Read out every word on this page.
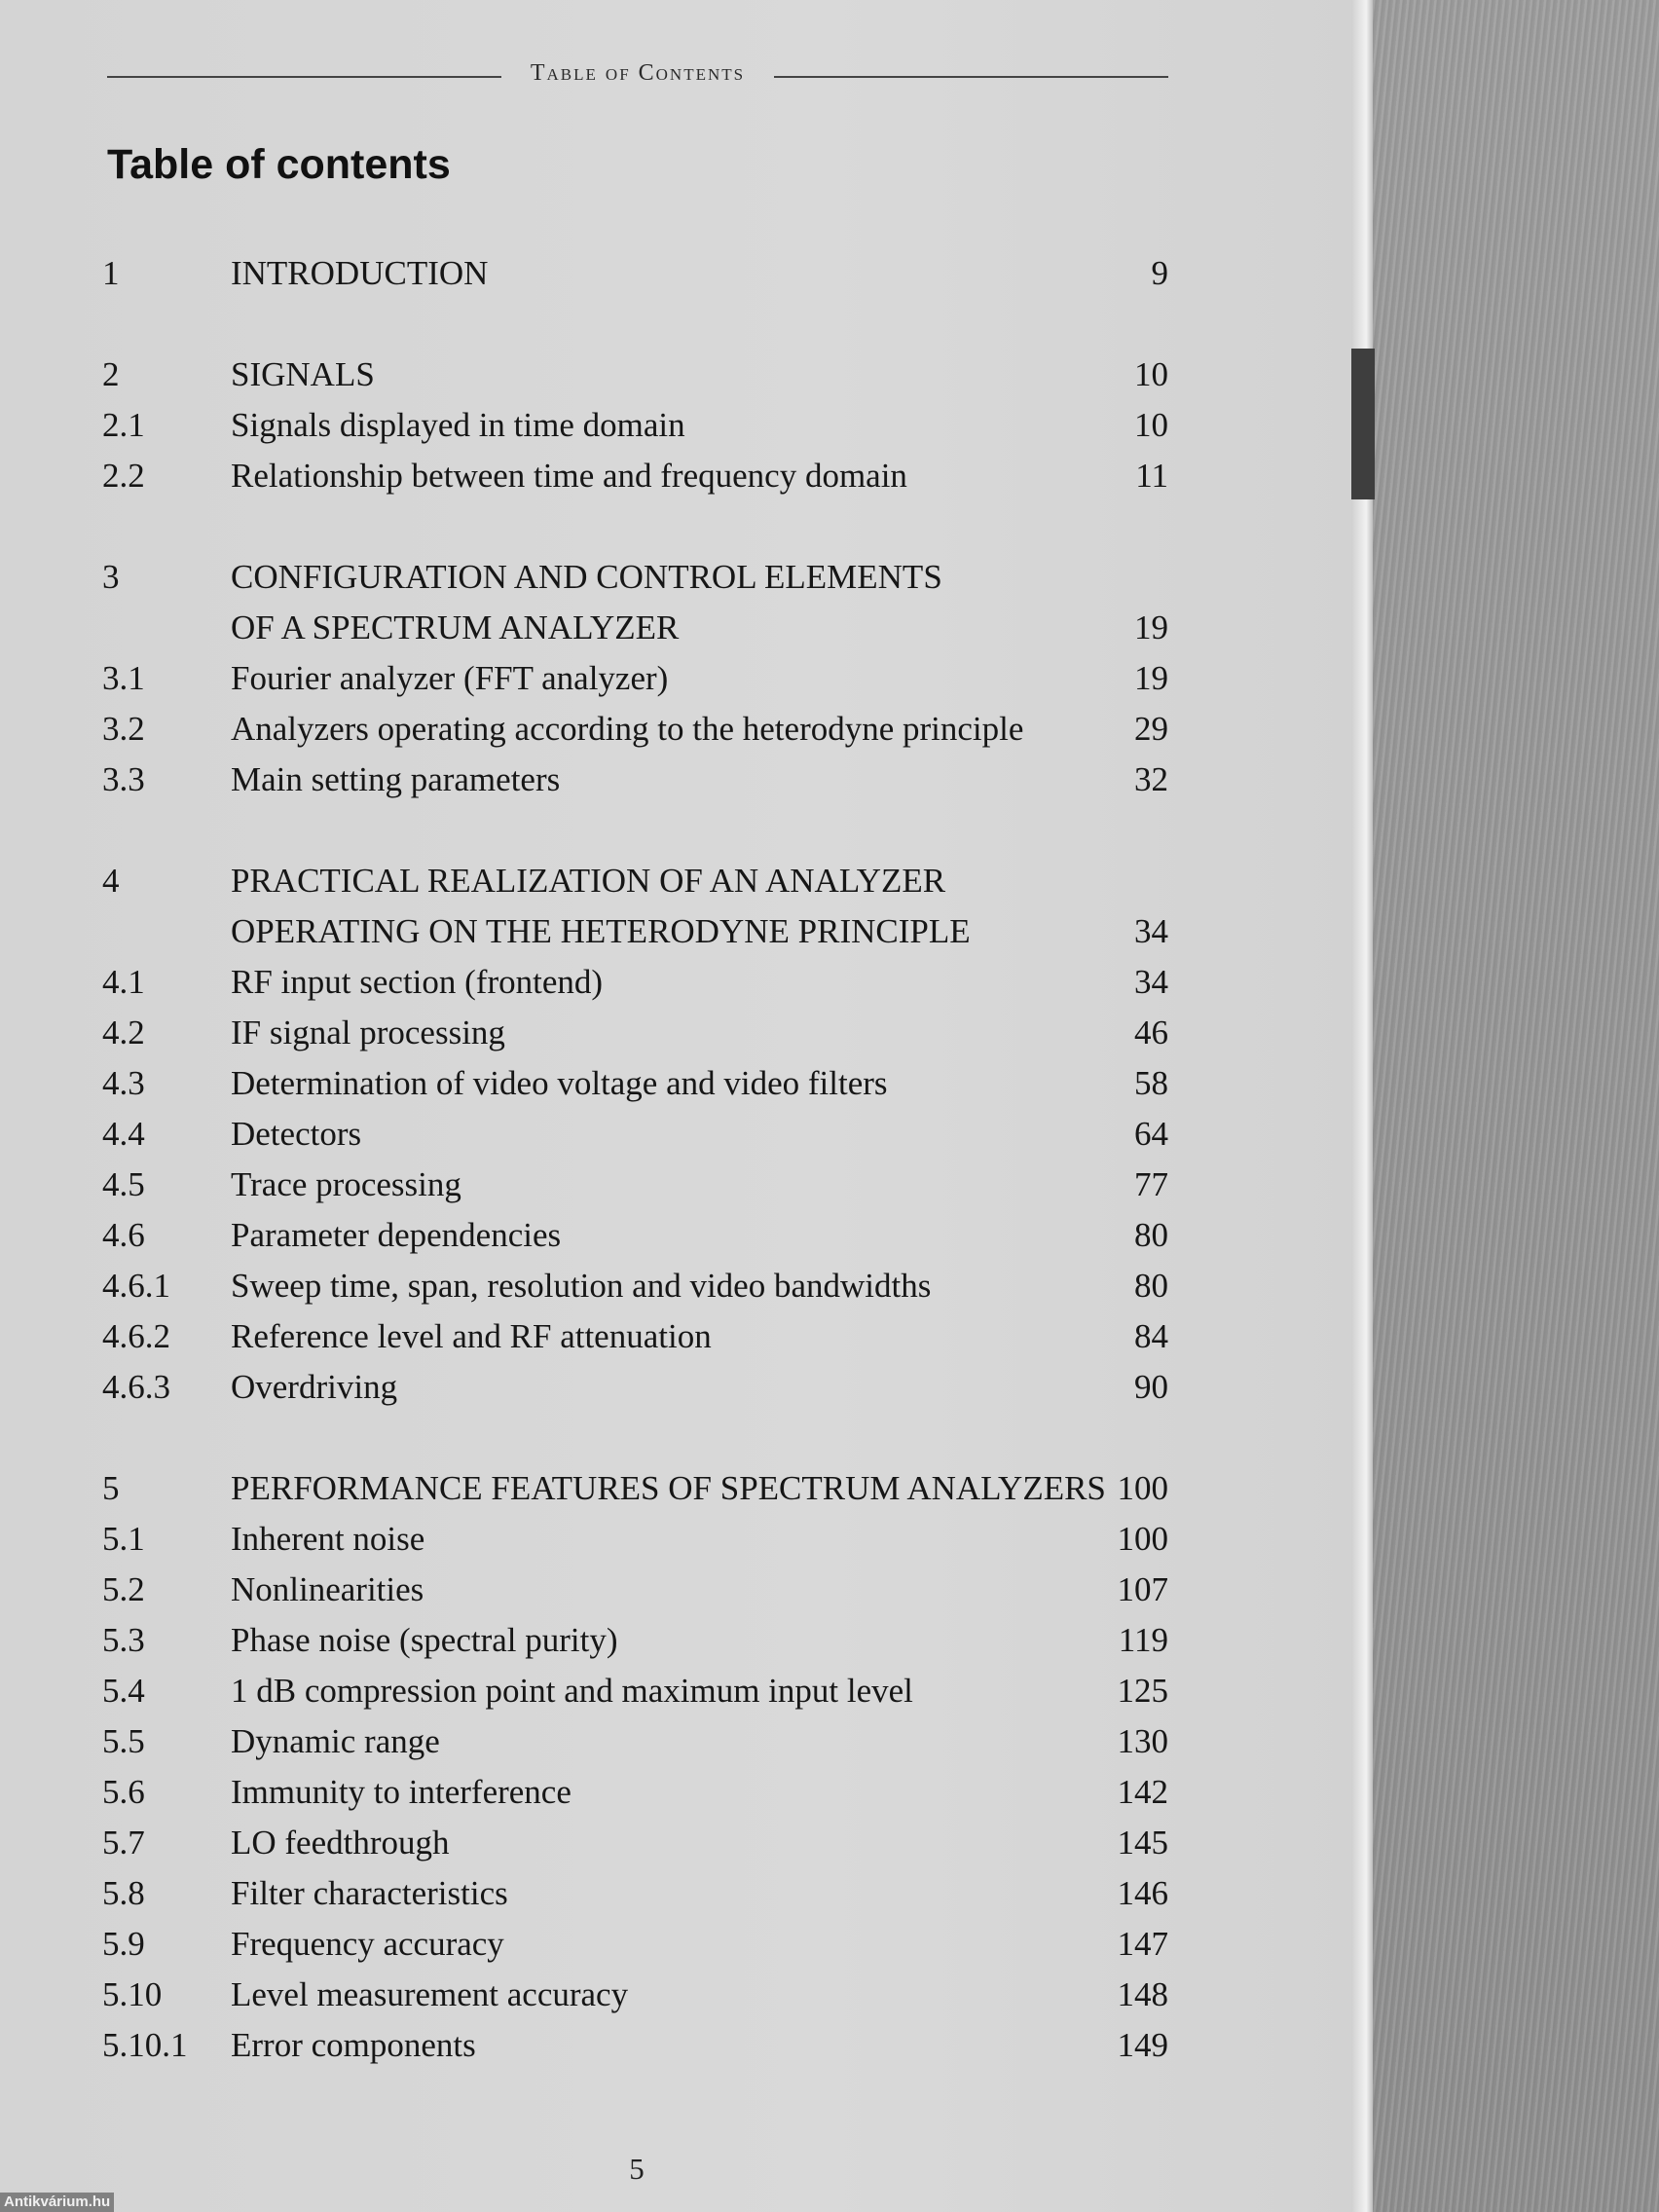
Table of Contents
Table of contents
1	INTRODUCTION	9
2	SIGNALS	10
2.1	Signals displayed in time domain	10
2.2	Relationship between time and frequency domain	11
3	CONFIGURATION AND CONTROL ELEMENTS
OF A SPECTRUM ANALYZER	19
3.1	Fourier analyzer (FFT analyzer)	19
3.2	Analyzers operating according to the heterodyne principle	29
3.3	Main setting parameters	32
4	PRACTICAL REALIZATION OF AN ANALYZER
OPERATING ON THE HETERODYNE PRINCIPLE	34
4.1	RF input section (frontend)	34
4.2	IF signal processing	46
4.3	Determination of video voltage and video filters	58
4.4	Detectors	64
4.5	Trace processing	77
4.6	Parameter dependencies	80
4.6.1 Sweep time, span, resolution and video bandwidths	80
4.6.2 Reference level and RF attenuation	84
4.6.3 Overdriving	90
5	PERFORMANCE FEATURES OF SPECTRUM ANALYZERS 100
5.1	Inherent noise	100
5.2	Nonlinearities	107
5.3	Phase noise (spectral purity)	119
5.4	1 dB compression point and maximum input level	125
5.5	Dynamic range	130
5.6	Immunity to interference	142
5.7	LO feedthrough	145
5.8	Filter characteristics	146
5.9	Frequency accuracy	147
5.10 Level measurement accuracy	148
5.10.1 Error components	149
5
Antikvárium.hu
